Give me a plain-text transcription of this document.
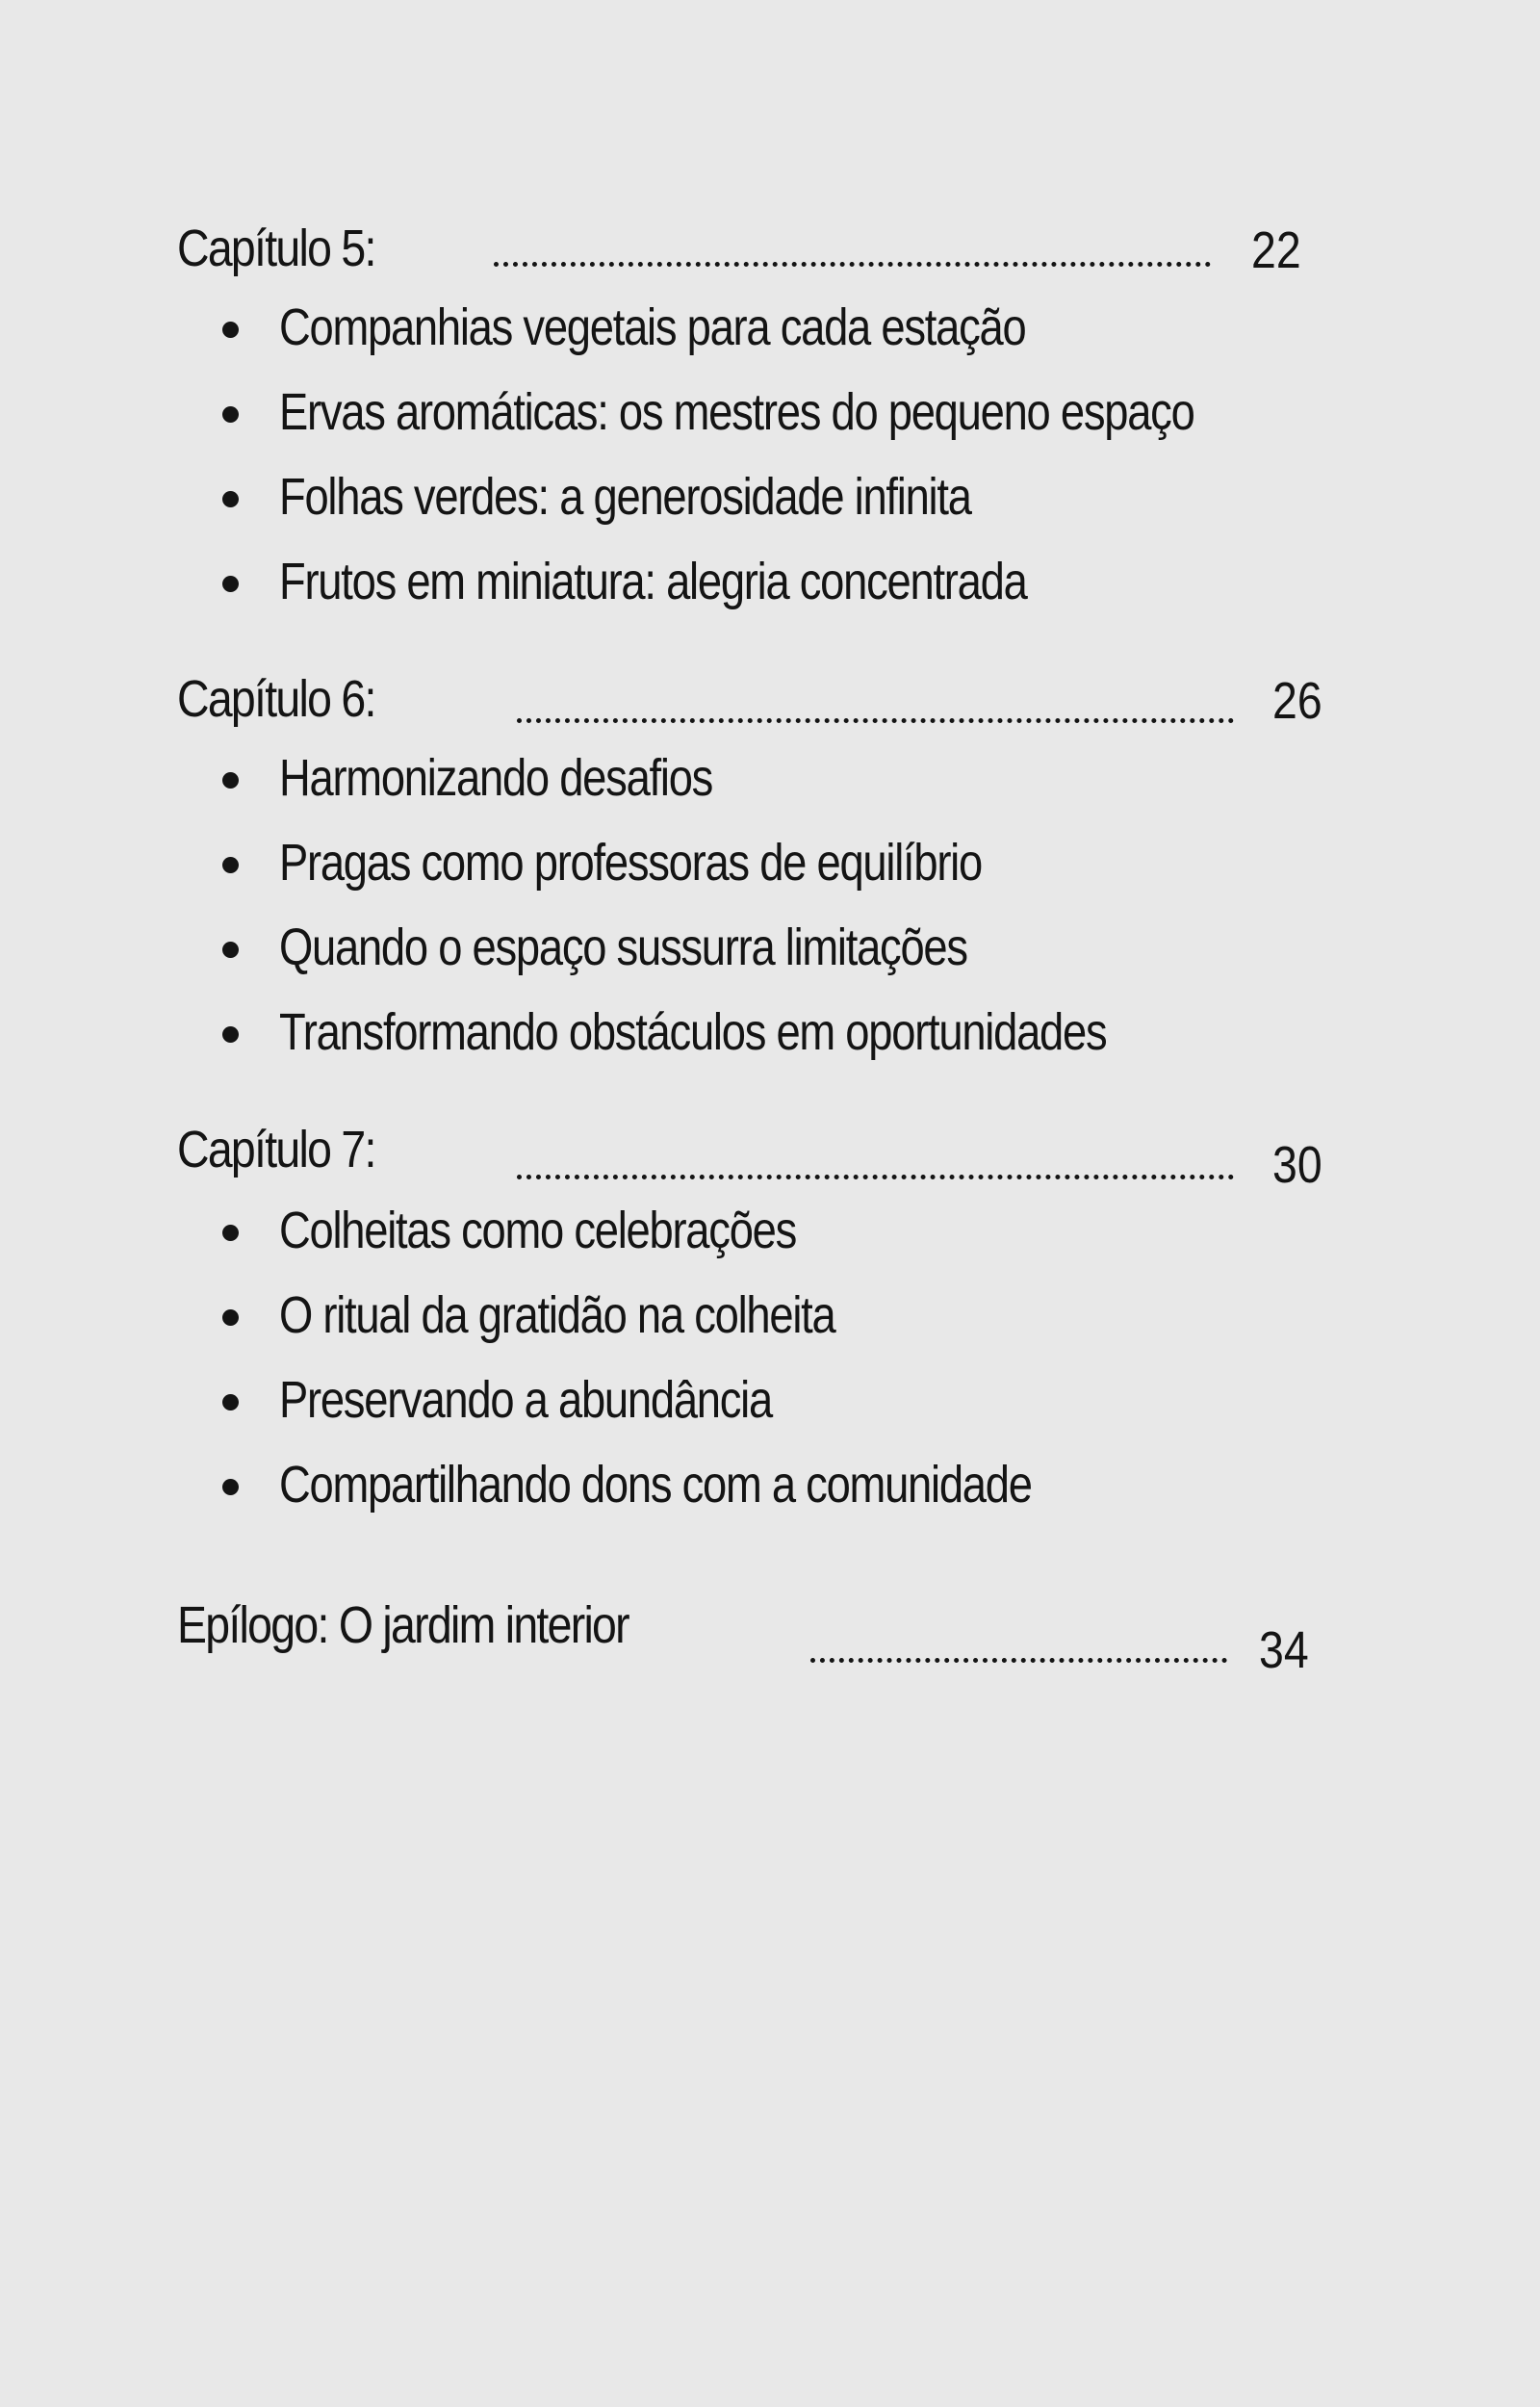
Capítulo 5:	22
Companhias vegetais para cada estação
Ervas aromáticas: os mestres do pequeno espaço
Folhas verdes: a generosidade infinita
Frutos em miniatura: alegria concentrada
Capítulo 6:	26
Harmonizando desafios
Pragas como professoras de equilíbrio
Quando o espaço sussurra limitações
Transformando obstáculos em oportunidades
Capítulo 7:	30
Colheitas como celebrações
O ritual da gratidão na colheita
Preservando a abundância
Compartilhando dons com a comunidade
Epílogo: O jardim interior	34
